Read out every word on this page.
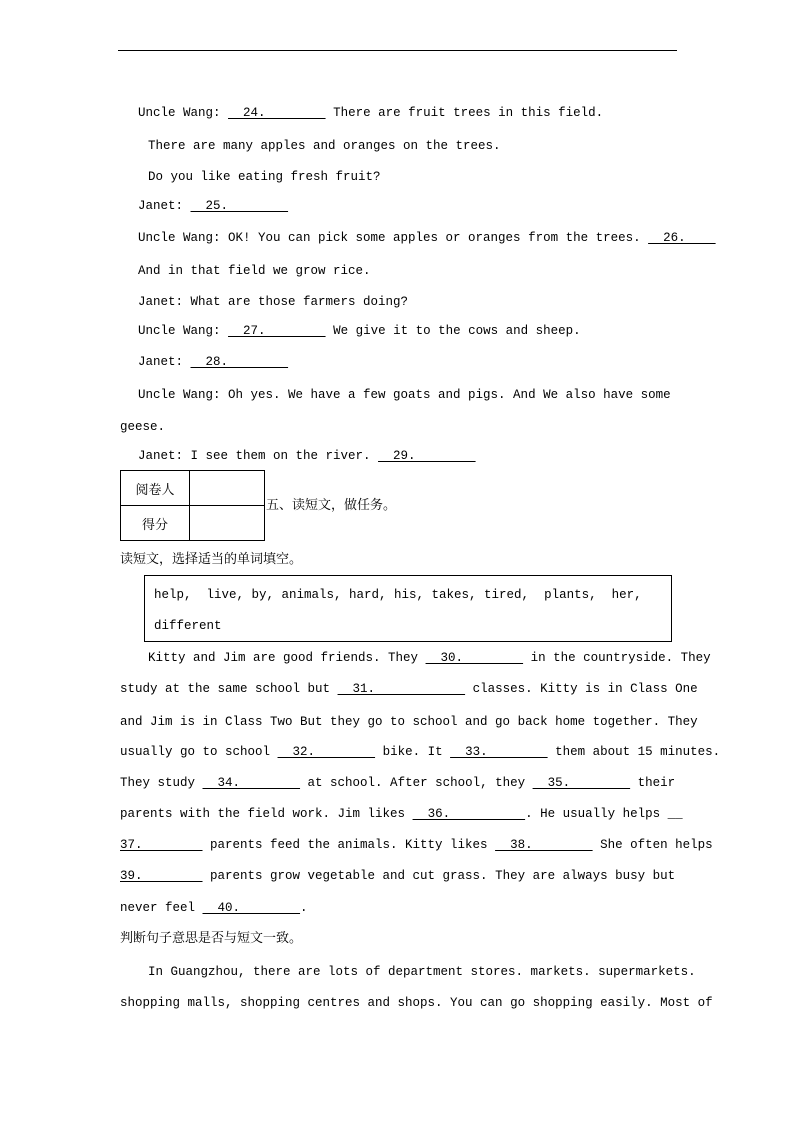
Uncle Wang:   24.         There are fruit trees in this field.
There are many apples and oranges on the trees.
Do you like eating fresh fruit?
Janet:   25.
Uncle Wang: OK! You can pick some apples or oranges from the trees.   26.
And in that field we grow rice.
Janet: What are those farmers doing?
Uncle Wang:   27.         We give it to the cows and sheep.
Janet:   28.
Uncle Wang: Oh yes. We have a few goats and pigs. And We also have some
geese.
Janet: I see them on the river.   29.
阅卷人	
得分	
五、读短文，做任务。
读短文，选择适当的单词填空。
help,  live, by, animals, hard, his, takes, tired,  plants,  her,
different
Kitty and Jim are good friends. They   30.         in the countryside. They
study at the same school but   31.             classes. Kitty is in Class One
and Jim is in Class Two But they go to school and go back home together. They
usually go to school   32.         bike. It   33.         them about 15 minutes.
They study   34.         at school. After school, they   35.         their
parents with the field work. Jim likes   36.          . He usually helps __
37.         parents feed the animals. Kitty likes   38.         She often helps
39.         parents grow vegetable and cut grass. They are always busy but
never feel   40.        .
判断句子意思是否与短文一致。
In Guangzhou, there are lots of department stores. markets. supermarkets.
shopping malls, shopping centres and shops. You can go shopping easily. Most of
